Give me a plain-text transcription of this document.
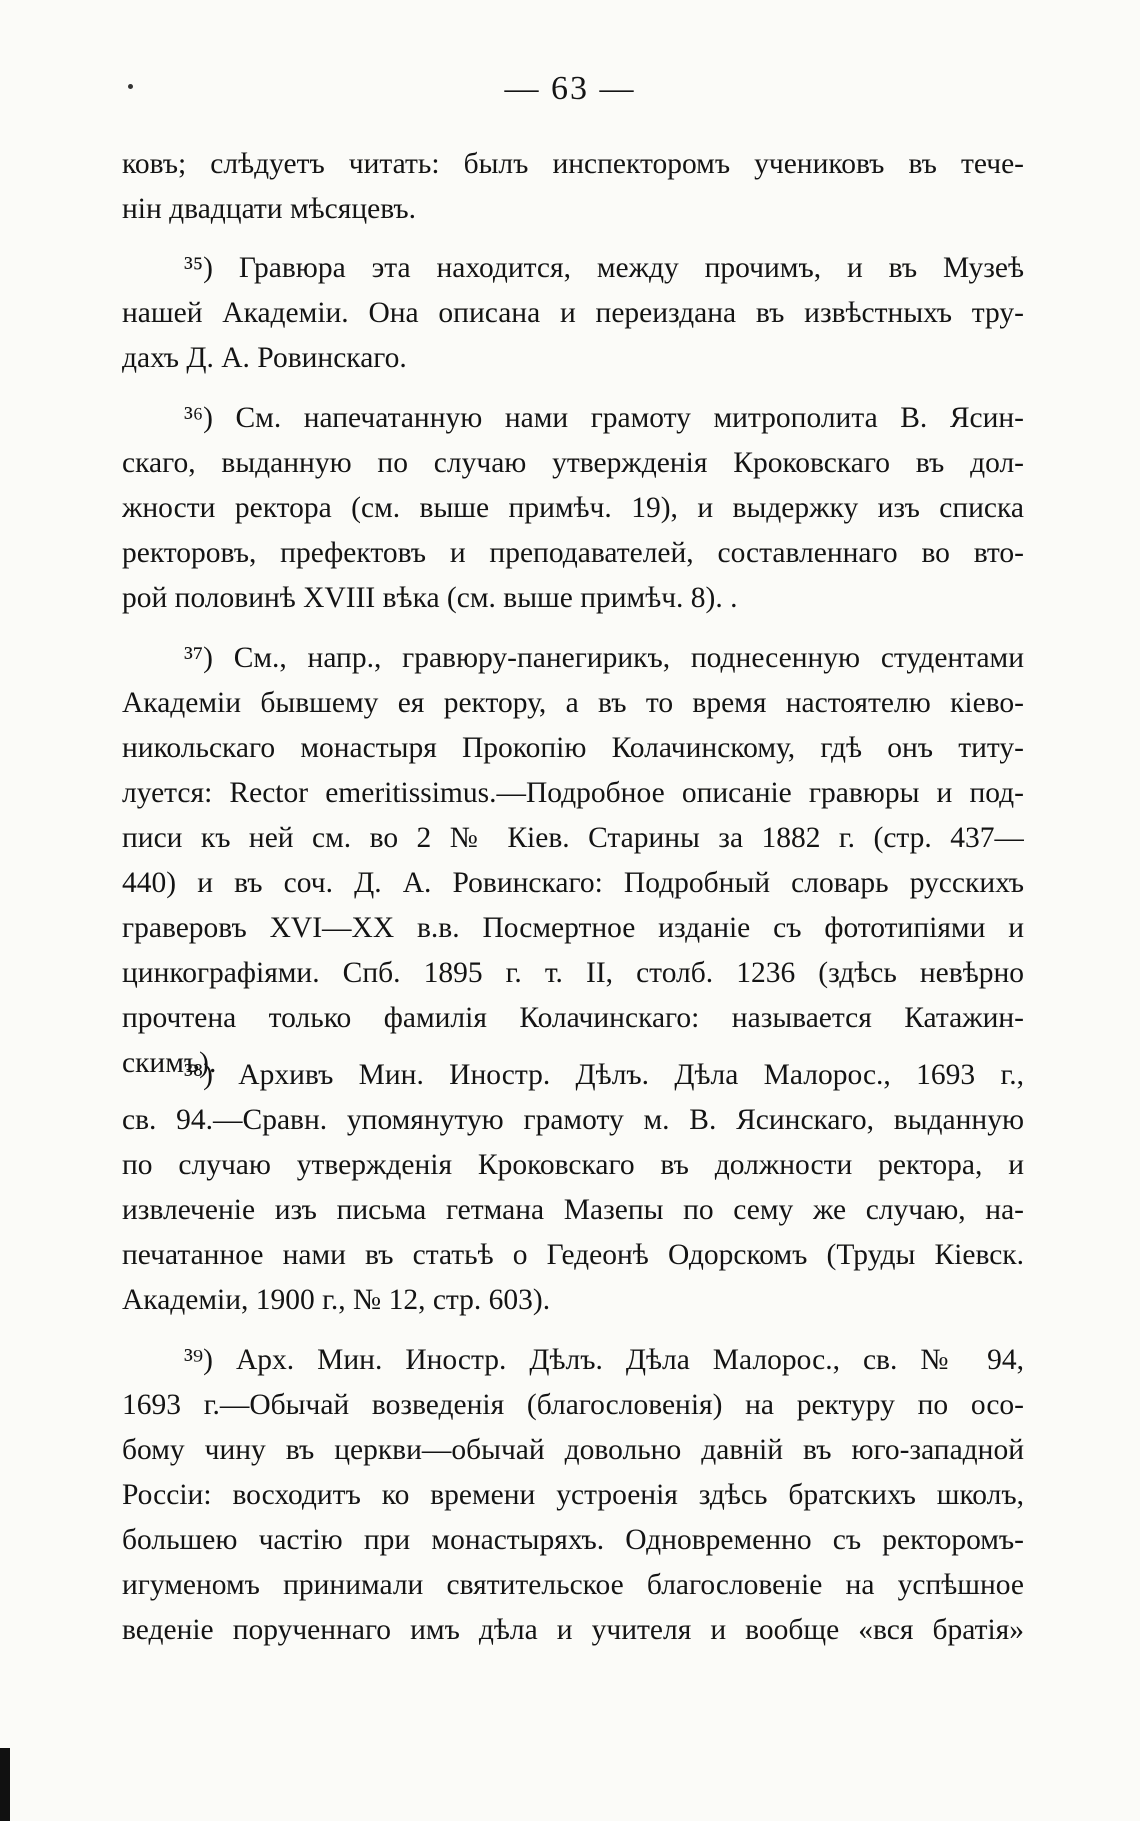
— 63 —
ковъ; слѣдуетъ читать: былъ инспекторомъ учениковъ въ тече-
нін двадцати мѣсяцевъ.
³⁵) Гравюра эта находится, между прочимъ, и въ Музеѣ
нашей Академіи. Она описана и переиздана въ извѣстныхъ тру-
дахъ Д. А. Ровинскаго.
³⁶) См. напечатанную нами грамоту митрополита В. Ясин-
скаго, выданную по случаю утвержденія Кроковскаго въ дол-
жности ректора (см. выше примѣч. 19), и выдержку изъ списка
ректоровъ, префектовъ и преподавателей, составленнаго во вто-
рой половинѣ XVIII вѣка (см. выше примѣч. 8). .
³⁷) См., напр., гравюру-панегирикъ, поднесенную студентами
Академіи бывшему ея ректору, а въ то время настоятелю кіево-
никольскаго монастыря Прокопію Колачинскому, гдѣ онъ титу-
луется: Rector emeritissimus.—Подробное описаніе гравюры и под-
писи къ ней см. во 2 № Кiев. Старины за 1882 г. (стр. 437—
440) и въ соч. Д. А. Ровинскаго: Подробный словарь русскихъ
граверовъ XVI—XX в.в. Посмертное изданіе съ фототипіями и
цинкографіями. Спб. 1895 г. т. II, столб. 1236 (здѣсь невѣрно
прочтена только фамилія Колачинскаго: называется Катажин-
скимъ).
³⁸) Архивъ Мин. Иностр. Дѣлъ. Дѣла Малорос., 1693 г.,
св. 94.—Сравн. упомянутую грамоту м. В. Ясинскаго, выданную
по случаю утвержденія Кроковскаго въ должности ректора, и
извлеченіе изъ письма гетмана Мазепы по сему же случаю, на-
печатанное нами въ статьѣ о Гедеонѣ Одорскомъ (Труды Кіевск.
Академіи, 1900 г., № 12, стр. 603).
³⁹) Арх. Мин. Иностр. Дѣлъ. Дѣла Малорос., св. № 94,
1693 г.—Обычай возведенія (благословенія) на ректуру по осо-
бому чину въ церкви—обычай довольно давній въ юго-западной
Россіи: восходитъ ко времени устроенія здѣсь братскихъ школъ,
большею частію при монастыряхъ. Одновременно съ ректоромъ-
игуменомъ принимали святительское благословеніе на успѣшное
веденіе порученнаго имъ дѣла и учителя и вообще «вся братія»
